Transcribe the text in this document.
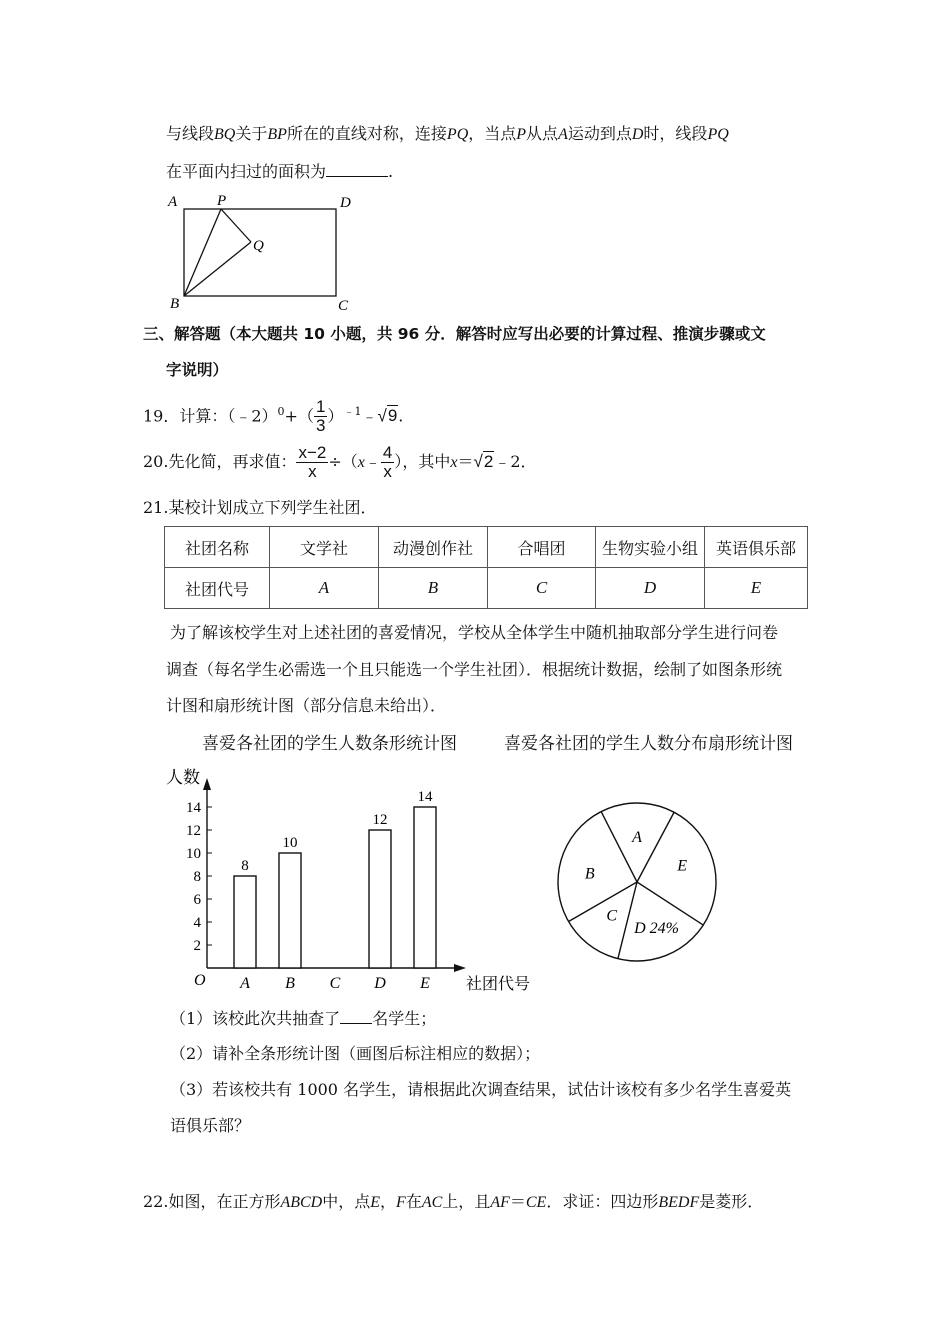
与线段BQ关于BP所在的直线对称，连接PQ，当点P从点A运动到点D时，线段PQ
在平面内扫过的面积为	.
A	P	D
Q
B	C
三、解答题（本大题共 10 小题，共 96 分．解答时应写出必要的计算过程、推演步骤或文
字说明）
19．计算：（﹣2）$^0$+（ $\frac{1}{3}$ ）$^{﹣1}$﹣√9.
20.先化简，再求值： $\frac{x-2}{x}$ ÷（x﹣ $\frac{4}{x}$ ），其中x＝√2﹣2．
21.某校计划成立下列学生社团．
社团名称	文学社	动漫创作社	合唱团	生物实验小组	英语俱乐部
社团代号	A	B	C	D	E
为了解该校学生对上述社团的喜爱情况，学校从全体学生中随机抽取部分学生进行问卷
调查（每名学生必需选一个且只能选一个学生社团）．根据统计数据，绘制了如图条形统
计图和扇形统计图（部分信息未给出）．
喜爱各社团的学生人数条形统计图	喜爱各社团的学生人数分布扇形统计图
人数
社团代号
O
2
4
6
8
10
12
14
A
8
B
10
C D
12
E
14
A
E
D 24%
C
B
（1）该校此次共抽查了 名学生；
（2）请补全条形统计图（画图后标注相应的数据）；
（3）若该校共有 1000 名学生，请根据此次调查结果，试估计该校有多少名学生喜爱英
语俱乐部？
22.如图，在正方形ABCD中，点E，F在AC上，且AF＝CE．求证：四边形BEDF是菱形．
